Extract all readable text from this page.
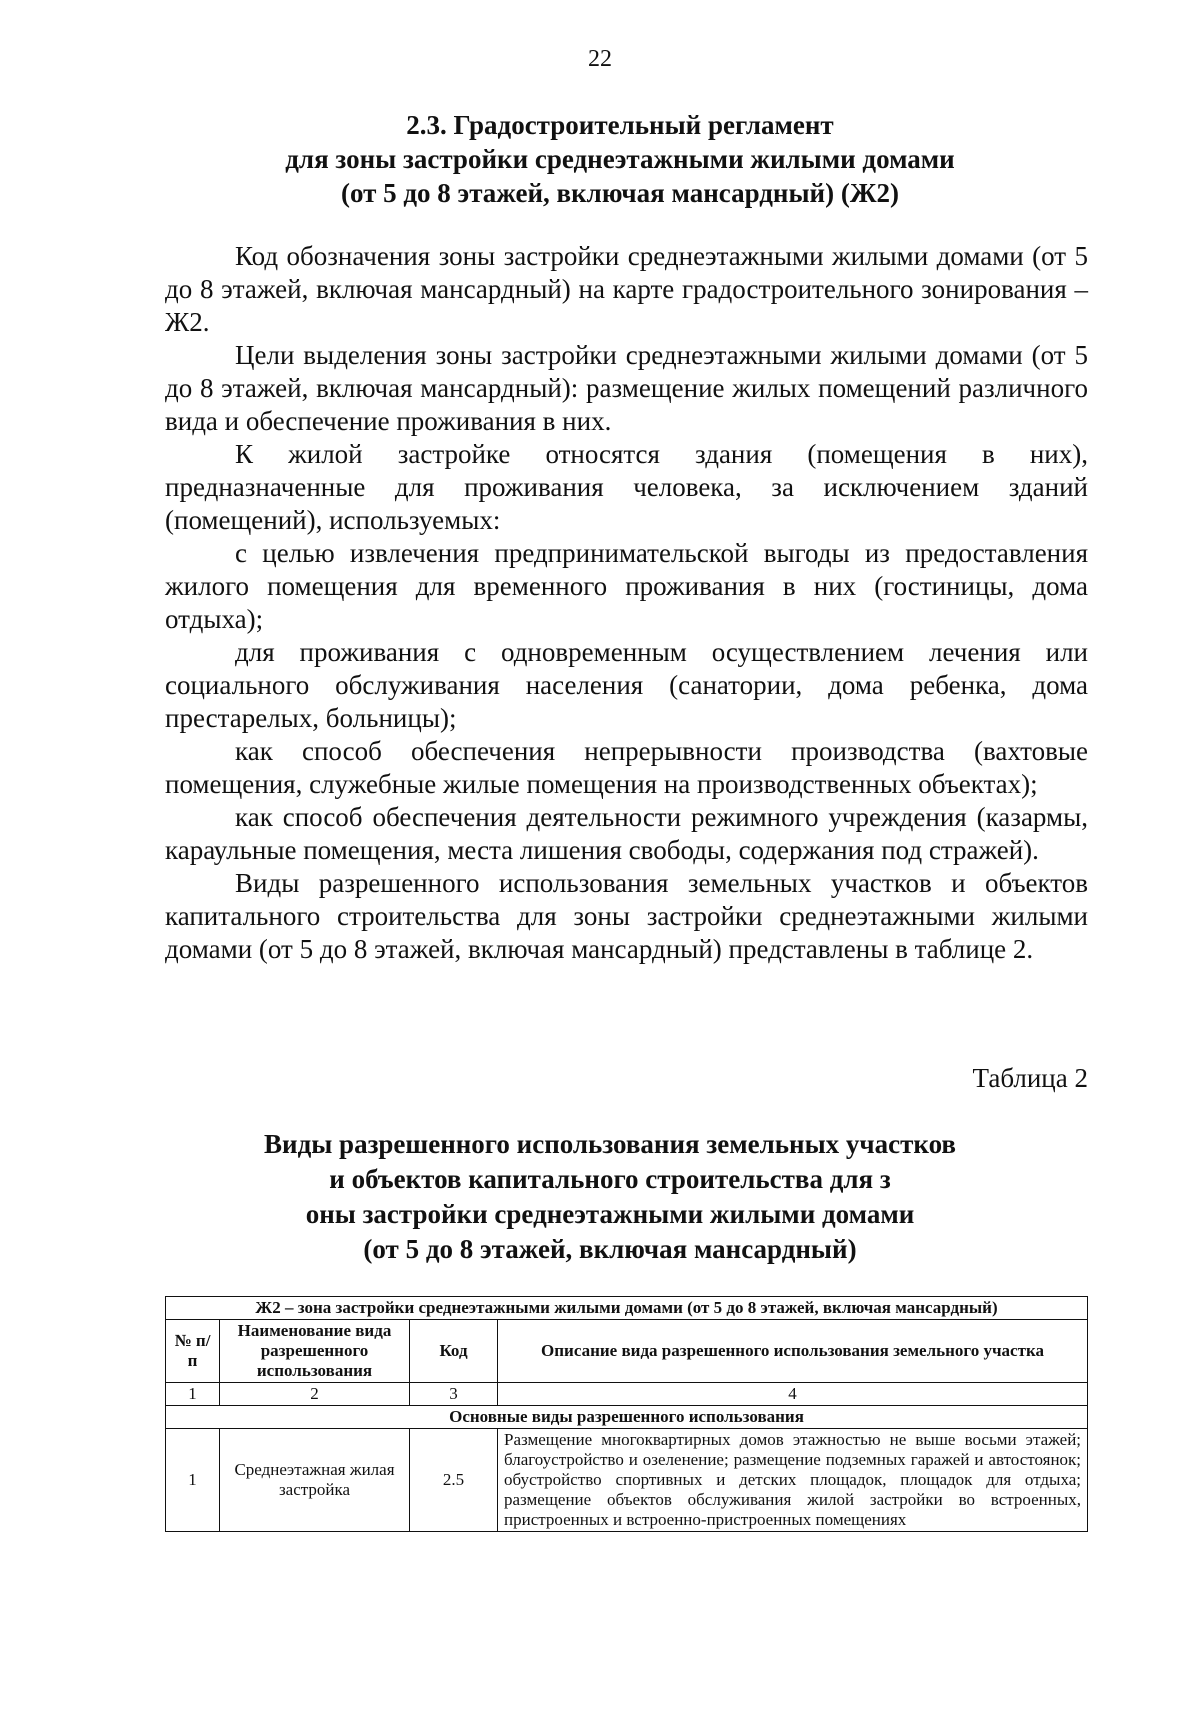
22
2.3. Градостроительный регламент
для зоны застройки среднеэтажными жилыми домами
(от 5 до 8 этажей, включая мансардный) (Ж2)

Код обозначения зоны застройки среднеэтажными жилыми домами (от 5 до 8 этажей, включая мансардный) на карте градостроительного зонирования – Ж2.

Цели выделения зоны застройки среднеэтажными жилыми домами (от 5 до 8 этажей, включая мансардный): размещение жилых помещений различного вида и обеспечение проживания в них.

К жилой застройке относятся здания (помещения в них), предназначенные для проживания человека, за исключением зданий (помещений), используемых:

с целью извлечения предпринимательской выгоды из предоставления жилого помещения для временного проживания в них (гостиницы, дома отдыха);

для проживания с одновременным осуществлением лечения или социального обслуживания населения (санатории, дома ребенка, дома престарелых, больницы);

как способ обеспечения непрерывности производства (вахтовые помещения, служебные жилые помещения на производственных объектах);

как способ обеспечения деятельности режимного учреждения (казармы, караульные помещения, места лишения свободы, содержания под стражей).

Виды разрешенного использования земельных участков и объектов капитального строительства для зоны застройки среднеэтажными жилыми домами (от 5 до 8 этажей, включая мансардный) представлены в таблице 2.

Таблица 2
Виды разрешенного использования земельных участков
и объектов капитального строительства для з
оны застройки среднеэтажными жилыми домами
(от 5 до 8 этажей, включая мансардный)
Ж2 – зона застройки среднеэтажными жилыми домами (от 5 до 8 этажей, включая мансардный)			
№ п/п	Наименование вида разрешенного использования	Код	Описание вида разрешенного использования земельного участка
1	2	3	4
Основные виды разрешенного использования			
1	Среднеэтажная жилая застройка	2.5	Размещение многоквартирных домов этажностью не выше восьми этажей; благоустройство и озеленение; размещение подземных гаражей и автостоянок; обустройство спортивных и детских площадок, площадок для отдыха; размещение объектов обслуживания жилой застройки во встроенных, пристроенных и встроенно-пристроенных помещениях
